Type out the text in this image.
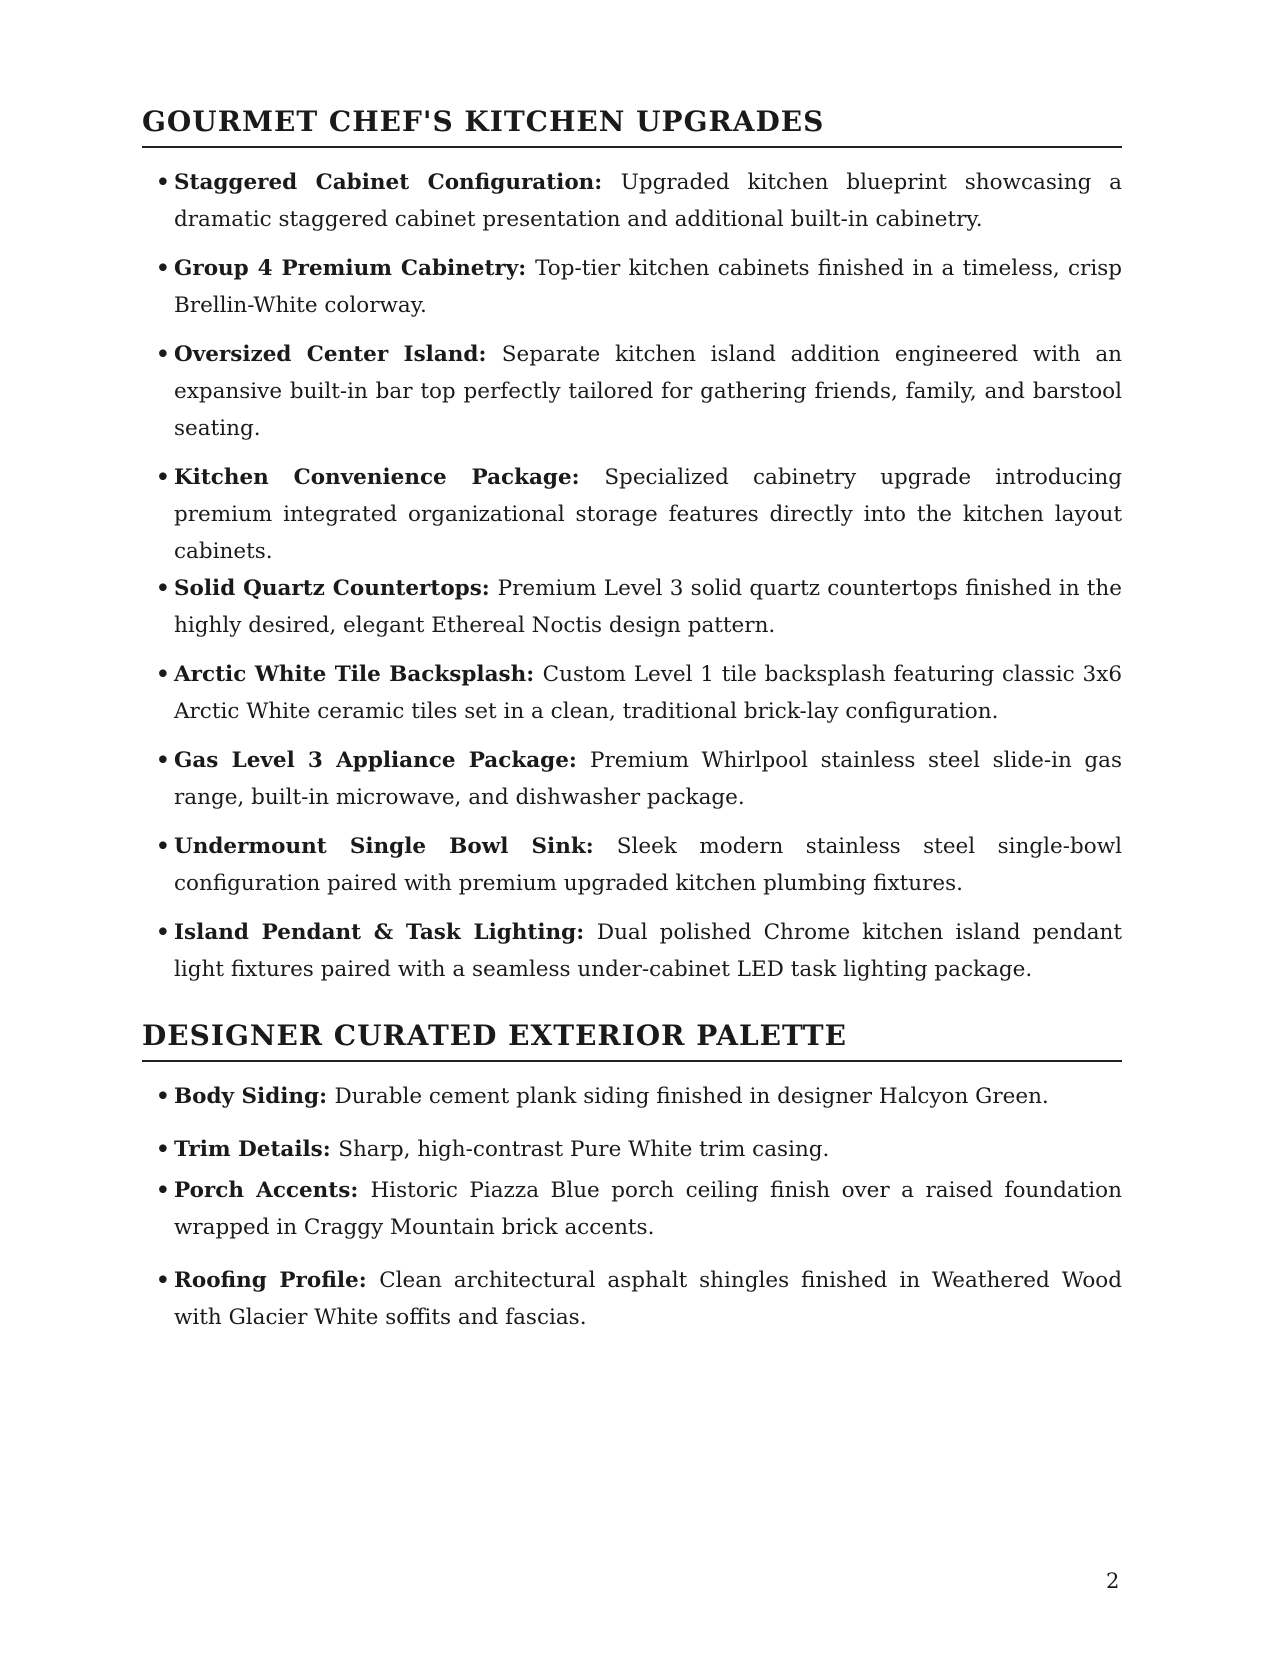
GOURMET CHEF'S KITCHEN UPGRADES
• Staggered Cabinet Configuration: Upgraded kitchen blueprint showcasing a dramatic staggered cabinet presentation and additional built-in cabinetry.
• Group 4 Premium Cabinetry: Top-tier kitchen cabinets finished in a timeless, crisp Brellin-White colorway.
• Oversized Center Island: Separate kitchen island addition engineered with an expansive built-in bar top perfectly tailored for gathering friends, family, and barstool seating.
• Kitchen Convenience Package: Specialized cabinetry upgrade introducing premium integrated organizational storage features directly into the kitchen layout cabinets.
• Solid Quartz Countertops: Premium Level 3 solid quartz countertops finished in the highly desired, elegant Ethereal Noctis design pattern.
• Arctic White Tile Backsplash: Custom Level 1 tile backsplash featuring classic 3x6 Arctic White ceramic tiles set in a clean, traditional brick-lay configuration.
• Gas Level 3 Appliance Package: Premium Whirlpool stainless steel slide-in gas range, built-in microwave, and dishwasher package.
• Undermount Single Bowl Sink: Sleek modern stainless steel single-bowl configuration paired with premium upgraded kitchen plumbing fixtures.
• Island Pendant & Task Lighting: Dual polished Chrome kitchen island pendant light fixtures paired with a seamless under-cabinet LED task lighting package.
DESIGNER CURATED EXTERIOR PALETTE
• Body Siding: Durable cement plank siding finished in designer Halcyon Green.
• Trim Details: Sharp, high-contrast Pure White trim casing.
• Porch Accents: Historic Piazza Blue porch ceiling finish over a raised foundation wrapped in Craggy Mountain brick accents.
• Roofing Profile: Clean architectural asphalt shingles finished in Weathered Wood with Glacier White soffits and fascias.
2
